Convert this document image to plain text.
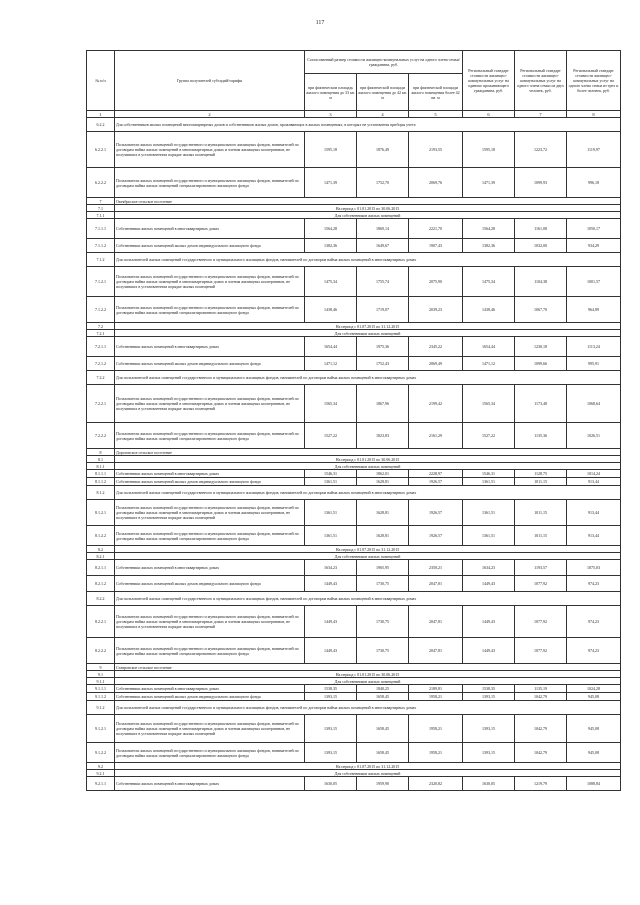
117
№ п/п	Группа получателей субсидий/тарифы	Согласованный размер стоимости жилищно-коммунальных услуг на одного члена семьи/гражданина, руб.			Региональный стандарт стоимости жилищно-коммунальных услуг на одиноко проживающего гражданина, руб.	Региональный стандарт стоимости жилищно-коммунальных услуг на одного члена семьи из двух человек, руб.	Региональный стандарт стоимости жилищно-коммунальных услуг на одного члена семьи из трех и более человек, руб.
		при фактическом площадь жилого помещения до 33 кв. м	при фактической площади жилого помещения до 42 кв. м	при фактической площади жилого помещения более 42 кв. м			
1	2	3	4	5	6	7	8
6.2.2	Для собственников жилых помещений многоквартирных домов и собственников жилых домов, проживающих в жилых помещениях, в которых не установлены приборы учета						
6.2.2.1	Пользователи жилых помещений государственного и муниципального жилищных фондов, нанимателей по договорам найма жилых помещений в многоквартирных домах и членам жилищных кооперативов, не получивших в установленном порядке жилых помещений	1595,18	1876,49	2193,55	1595,18	1223,72	1119,97
6.2.2.2	Пользователи жилых помещений государственного и муниципального жилищных фондов, нанимателей по договорам найма жилых помещений специализированного жилищного фонда	1471,39	1752,70	2069,76	1471,39	1099,93	996,18
7	Октябрьское сельское поселение						
7.1	На период с 01.01.2015 по 30.06.2015						
7.1.1	Для собственников жилых помещений						
7.1.1.1	Собственники жилых помещений в многоквартирных домах	1564,28	1869,14	2221,70	1564,28	1161,08	1050,17
7.1.1.2	Собственники жилых помещений жилых домов индивидуального жилищного фонда	1382,36	1649,67	1907,43	1382,36	1032,00	934,29
7.1.2	Для пользователей жилых помещений государственного и муниципального жилищных фондов, нанимателей по договорам найма жилых помещений в многоквартирных домах						
7.1.2.1	Пользователи жилых помещений государственного и муниципального жилищных фондов, нанимателей по договорам найма жилых помещений в многоквартирных домах и членам жилищных кооперативов, не получивших в установленном порядке жилых помещений	1475,34	1755,74	2075,90	1475,34	1104,38	1001,57
7.1.2.2	Пользователи жилых помещений государственного и муниципального жилищных фондов, нанимателей по договорам найма жилых помещений специализированного жилищного фонда	1438,46	1719,07	2039,23	1438,46	1067,70	964,89
7.2	На период с 01.07.2015 по 31.12.2015						
7.2.1	Для собственников жилых помещений						
7.2.1.1	Собственники жилых помещений в многоквартирных домах	1654,44	1975,36	2345,22	1654,44	1230,18	1113,24
7.2.1.2	Собственники жилых помещений жилых домов индивидуального жилищного фонда	1471,12	1752,43	2069,49	1471,12	1099,66	995,91
7.2.2	Для пользователей жилых помещений государственного и муниципального жилищных фондов, нанимателей по договорам найма жилых помещений в многоквартирных домах						
7.2.2.1	Пользователи жилых помещений государственного и муниципального жилищных фондов, нанимателей по договорам найма жилых помещений в многоквартирных домах и членам жилищных кооперативов, не получивших в установленном порядке жилых помещений	1565,34	1867,96	2199,42	1565,34	1173,48	1068,64
7.2.2.2	Пользователи жилых помещений государственного и муниципального жилищных фондов, нанимателей по договорам найма жилых помещений специализированного жилищного фонда	1527,22	1823,83	2161,29	1527,22	1135,36	1026,51
8	Дороговское сельское поселение						
8.1	На период с 01.01.2015 по 30.06.2015						
8.1.1	Для собственников жилых помещений						
8.1.1.1	Собственники жилых помещений в многоквартирных домах	1546,31	1862,01	2228,97	1546,31	1128,75	1014,24
8.1.1.2	Собственники жилых помещений жилых домов индивидуального жилищного фонда	1361,51	1628,81	1926,57	1361,51	1011,15	913,44
8.1.2	Для пользователей жилых помещений государственного и муниципального жилищных фондов, нанимателей по договорам найма жилых помещений в многоквартирных домах						
8.1.2.1	Пользователи жилых помещений государственного и муниципального жилищных фондов, нанимателей по договорам найма жилых помещений в многоквартирных домах и членам жилищных кооперативов, не получивших в установленном порядке жилых помещений	1361,51	1628,81	1926,57	1361,51	1011,15	913,44
8.1.2.2	Пользователи жилых помещений государственного и муниципального жилищных фондов, нанимателей по договорам найма жилых помещений специализированного жилищного фонда	1361,51	1628,81	1926,57	1361,51	1011,15	913,44
8.2	На период с 01.07.2015 по 31.12.2015						
8.2.1	Для собственников жилых помещений						
8.2.1.1	Собственники жилых помещений в многоквартирных домах	1634,23	1965,95	2350,21	1634,23	1193,57	1075,03
8.2.1.2	Собственники жилых помещений жилых домов индивидуального жилищного фонда	1449,43	1730,75	2047,81	1449,43	1077,92	974,23
8.2.2	Для пользователей жилых помещений государственного и муниципального жилищных фондов, нанимателей по договорам найма жилых помещений в многоквартирных домах						
8.2.2.1	Пользователи жилых помещений государственного и муниципального жилищных фондов, нанимателей по договорам найма жилых помещений в многоквартирных домах и членам жилищных кооперативов, не получивших в установленном порядке жилых помещений	1449,43	1730,75	2047,81	1449,43	1077,92	974,23
8.2.2.2	Пользователи жилых помещений государственного и муниципального жилищных фондов, нанимателей по договорам найма жилых помещений специализированного жилищного фонда	1449,43	1730,75	2047,81	1449,43	1077,92	974,23
9	Ставровское сельское поселение						
9.1	На период с 01.01.2015 по 30.06.2015						
9.1.1	Для собственников жилых помещений						
9.1.1.1	Собственники жилых помещений в многоквартирных домах	1538,35	1840,25	2189,81	1538,35	1135,19	1024,28
9.1.1.2	Собственники жилых помещений жилых домов индивидуального жилищного фонда	1393,15	1658,45	1958,21	1393,15	1042,79	945,08
9.1.2	Для пользователей жилых помещений государственного и муниципального жилищных фондов, нанимателей по договорам найма жилых помещений в многоквартирных домах						
9.1.2.1	Пользователи жилых помещений государственного и муниципального жилищных фондов, нанимателей по договорам найма жилых помещений в многоквартирных домах и членам жилищных кооперативов, не получивших в установленном порядке жилых помещений	1393,15	1658,45	1958,21	1393,15	1042,79	945,08
9.1.2.2	Пользователи жилых помещений государственного и муниципального жилищных фондов, нанимателей по договорам найма жилых помещений специализированного жилищного фонда	1393,15	1658,45	1958,21	1393,15	1042,79	945,08
9.2	На период с 01.07.2015 по 31.12.2015						
9.2.1	Для собственников жилых помещений						
9.2.1.1	Собственники жилых помещений в многоквартирных домах	1630,05	1959,90	2320,82	1630,05	1219,79	1088,84
